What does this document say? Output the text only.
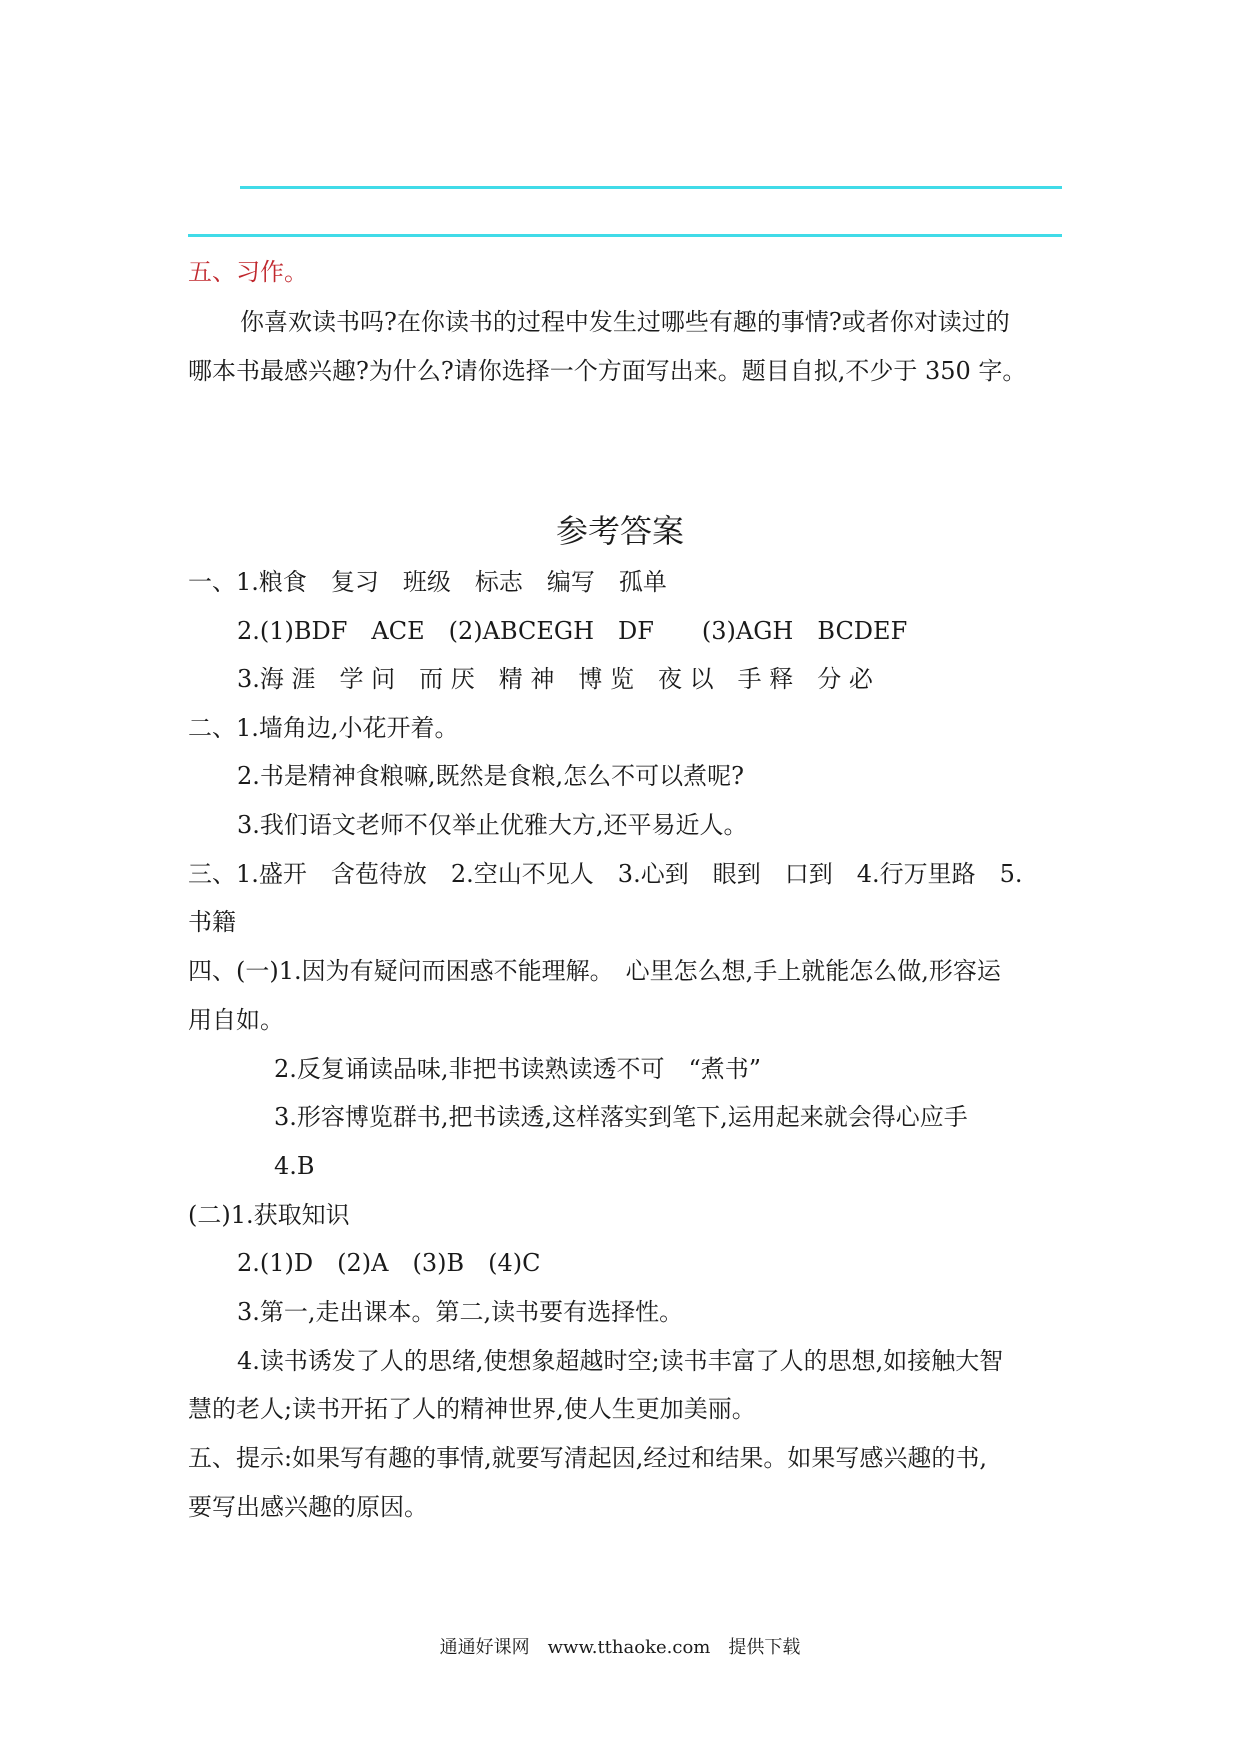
五、习作。
你喜欢读书吗?在你读书的过程中发生过哪些有趣的事情?或者你对读过的
哪本书最感兴趣?为什么?请你选择一个方面写出来。题目自拟,不少于 350 字。
参考答案
一、1.粮食　复习　班级　标志　编写　孤单
2.(1)BDF　ACE　(2)ABCEGH　DF　　(3)AGH　BCDEF
3.海 涯　学 问　而 厌　精 神　博 览　夜 以　手 释　分 必
二、1.墙角边,小花开着。
2.书是精神食粮嘛,既然是食粮,怎么不可以煮呢?
3.我们语文老师不仅举止优雅大方,还平易近人。
三、1.盛开　含苞待放　2.空山不见人　3.心到　眼到　口到　4.行万里路　5.
书籍
四、(一)1.因为有疑问而困惑不能理解。　心里怎么想,手上就能怎么做,形容运
用自如。
2.反复诵读品味,非把书读熟读透不可　“煮书”
3.形容博览群书,把书读透,这样落实到笔下,运用起来就会得心应手
4.B
(二)1.获取知识
2.(1)D　(2)A　(3)B　(4)C
3.第一,走出课本。第二,读书要有选择性。
4.读书诱发了人的思绪,使想象超越时空;读书丰富了人的思想,如接触大智
慧的老人;读书开拓了人的精神世界,使人生更加美丽。
五、提示:如果写有趣的事情,就要写清起因,经过和结果。如果写感兴趣的书,
要写出感兴趣的原因。
通通好课网　www.tthaoke.com　提供下载
